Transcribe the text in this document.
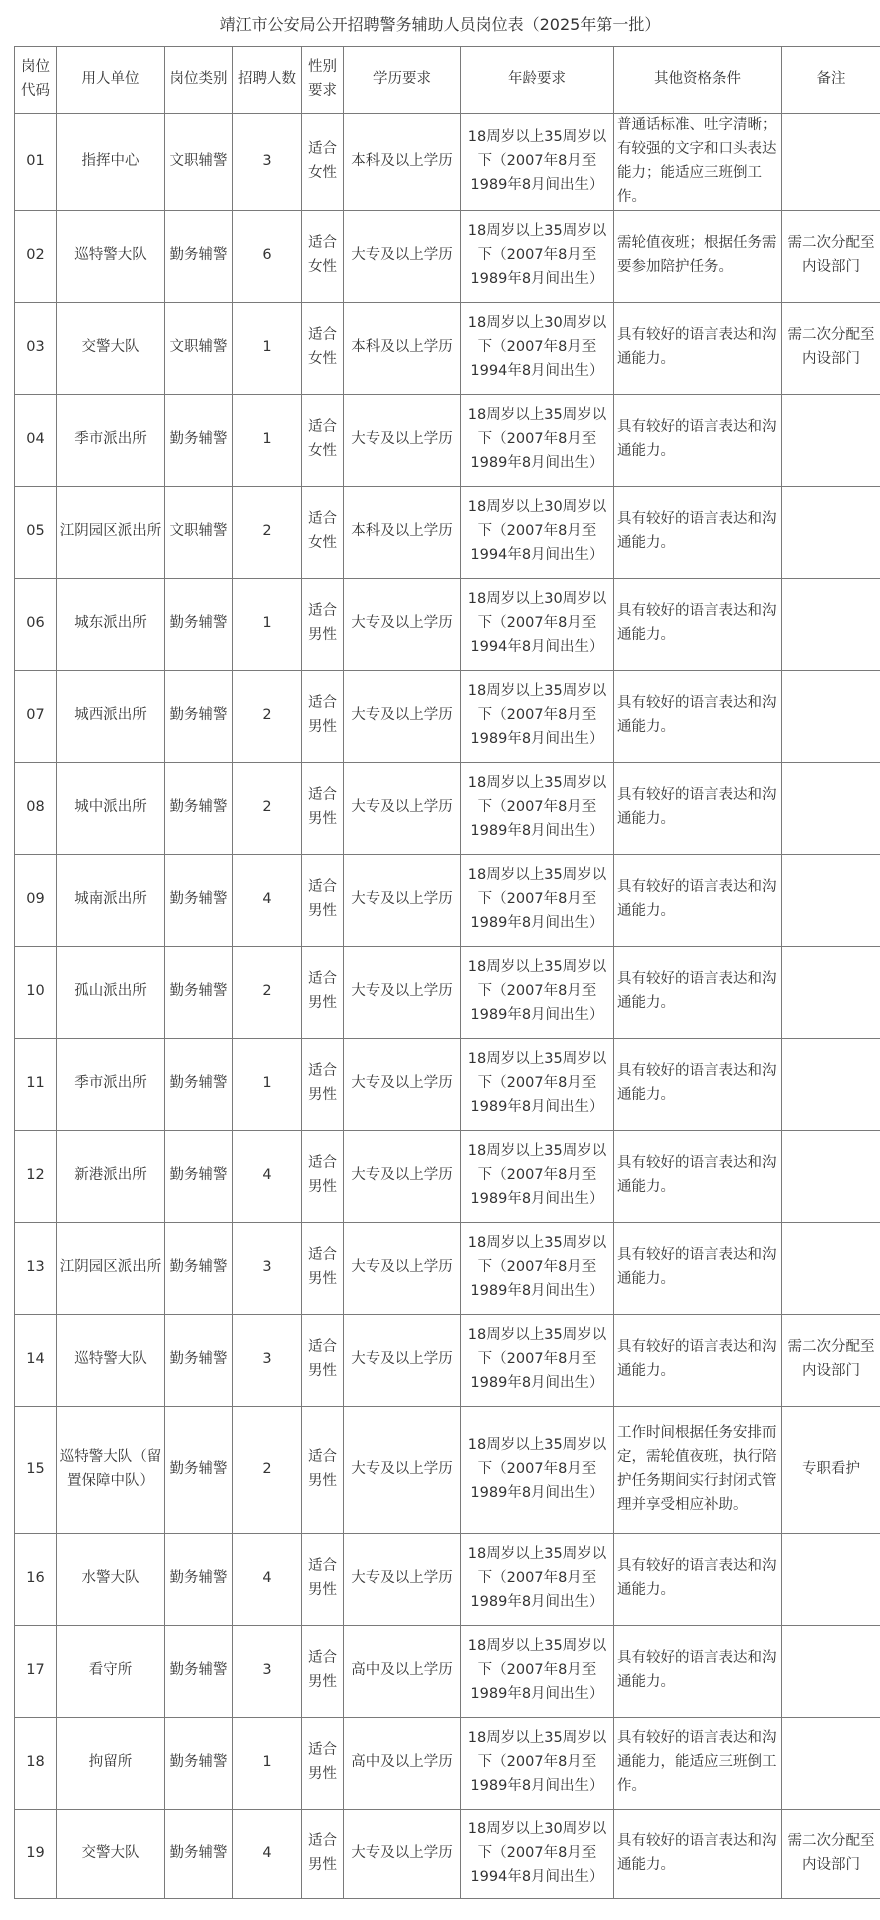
靖江市公安局公开招聘警务辅助人员岗位表（2025年第一批）
岗位代码	用人单位	岗位类别	招聘人数	性别要求	学历要求	年龄要求	其他资格条件	备注
01	指挥中心	文职辅警	3	适合女性	本科及以上学历	18周岁以上35周岁以下（2007年8月至1989年8月间出生）	普通话标准、吐字清晰；有较强的文字和口头表达能力；能适应三班倒工作。	
02	巡特警大队	勤务辅警	6	适合女性	大专及以上学历	18周岁以上35周岁以下（2007年8月至1989年8月间出生）	需轮值夜班；根据任务需要参加陪护任务。	需二次分配至内设部门
03	交警大队	文职辅警	1	适合女性	本科及以上学历	18周岁以上30周岁以下（2007年8月至1994年8月间出生）	具有较好的语言表达和沟通能力。	需二次分配至内设部门
04	季市派出所	勤务辅警	1	适合女性	大专及以上学历	18周岁以上35周岁以下（2007年8月至1989年8月间出生）	具有较好的语言表达和沟通能力。	
05	江阴园区派出所	文职辅警	2	适合女性	本科及以上学历	18周岁以上30周岁以下（2007年8月至1994年8月间出生）	具有较好的语言表达和沟通能力。	
06	城东派出所	勤务辅警	1	适合男性	大专及以上学历	18周岁以上30周岁以下（2007年8月至1994年8月间出生）	具有较好的语言表达和沟通能力。	
07	城西派出所	勤务辅警	2	适合男性	大专及以上学历	18周岁以上35周岁以下（2007年8月至1989年8月间出生）	具有较好的语言表达和沟通能力。	
08	城中派出所	勤务辅警	2	适合男性	大专及以上学历	18周岁以上35周岁以下（2007年8月至1989年8月间出生）	具有较好的语言表达和沟通能力。	
09	城南派出所	勤务辅警	4	适合男性	大专及以上学历	18周岁以上35周岁以下（2007年8月至1989年8月间出生）	具有较好的语言表达和沟通能力。	
10	孤山派出所	勤务辅警	2	适合男性	大专及以上学历	18周岁以上35周岁以下（2007年8月至1989年8月间出生）	具有较好的语言表达和沟通能力。	
11	季市派出所	勤务辅警	1	适合男性	大专及以上学历	18周岁以上35周岁以下（2007年8月至1989年8月间出生）	具有较好的语言表达和沟通能力。	
12	新港派出所	勤务辅警	4	适合男性	大专及以上学历	18周岁以上35周岁以下（2007年8月至1989年8月间出生）	具有较好的语言表达和沟通能力。	
13	江阴园区派出所	勤务辅警	3	适合男性	大专及以上学历	18周岁以上35周岁以下（2007年8月至1989年8月间出生）	具有较好的语言表达和沟通能力。	
14	巡特警大队	勤务辅警	3	适合男性	大专及以上学历	18周岁以上35周岁以下（2007年8月至1989年8月间出生）	具有较好的语言表达和沟通能力。	需二次分配至内设部门
15	巡特警大队（留置保障中队）	勤务辅警	2	适合男性	大专及以上学历	18周岁以上35周岁以下（2007年8月至1989年8月间出生）	工作时间根据任务安排而定，需轮值夜班，执行陪护任务期间实行封闭式管理并享受相应补助。	专职看护
16	水警大队	勤务辅警	4	适合男性	大专及以上学历	18周岁以上35周岁以下（2007年8月至1989年8月间出生）	具有较好的语言表达和沟通能力。	
17	看守所	勤务辅警	3	适合男性	高中及以上学历	18周岁以上35周岁以下（2007年8月至1989年8月间出生）	具有较好的语言表达和沟通能力。	
18	拘留所	勤务辅警	1	适合男性	高中及以上学历	18周岁以上35周岁以下（2007年8月至1989年8月间出生）	具有较好的语言表达和沟通能力，能适应三班倒工作。	
19	交警大队	勤务辅警	4	适合男性	大专及以上学历	18周岁以上30周岁以下（2007年8月至1994年8月间出生）	具有较好的语言表达和沟通能力。	需二次分配至内设部门
